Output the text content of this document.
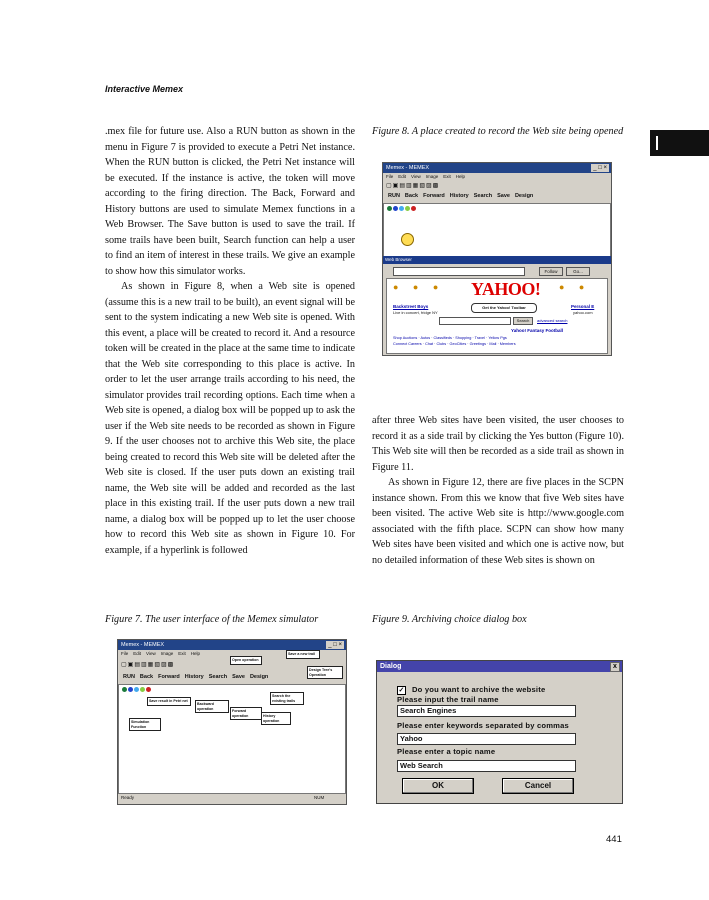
Interactive Memex

.mex file for future use. Also a RUN button as shown in the menu in Figure 7 is provided to execute a Petri Net instance. When the RUN button is clicked, the Petri Net instance will be executed. If the instance is active, the token will move according to the firing direction. The Back, Forward and History buttons are used to simulate Memex functions in a Web Browser. The Save button is used to save the trail. If some trails have been built, Search function can help a user to find an item of interest in these trails. We give an example to show how this simulator works.

As shown in Figure 8, when a Web site is opened (assume this is a new trail to be built), an event signal will be sent to the system indicating a new Web site is opened. With this event, a place will be created to record it. And a resource token will be created in the place at the same time to indicate that the Web site corresponding to this place is active. In order to let the user arrange trails according to his need, the simulator provides trail recording options. Each time when a Web site is opened, a dialog box will be popped up to ask the user if the Web site needs to be recorded as shown in Figure 9. If the user chooses not to archive this Web site, the place being created to record this Web site will be deleted after the Web site is closed. If the user puts down an existing trail name, the Web site will be added and recorded as the last place in this existing trail. If the user puts down a new trail name, a dialog box will be popped up to let the user choose how to record this Web site as shown in Figure 10. For example, if a hyperlink is followed

Figure 8. A place created to record the Web site being opened
Memex - MEMEX	_ □ ×
File Edit View Image Exit Help
▢▣▤▥▦▧▨▩
RUN Back Forward History Search Save Design
Web Browser
Follow	Go...
● ● ●	● ●
YAHOO!
Backstreet Boys
Live in concert, fridge NY
Get the Yahoo! Toolbar	Personal E
yahoo.com
Search	advanced search
Yahoo! Fantasy Football
Shop Auctions · Autos · Classifieds · Shopping · Travel · Yellow Pgs
Connect Careers · Chat · Clubs · GeoCities · Greetings · Mail · Members

after three Web sites have been visited, the user chooses to record it as a side trail by clicking the Yes button (Figure 10). This Web site will then be recorded as a side trail as shown in Figure 11.

As shown in Figure 12, there are five places in the SCPN instance shown. From this we know that five Web sites have been visited. The active Web site is http://www.google.com associated with the fifth place. SCPN can show how many Web sites have been visited and which one is active now, but no detailed information of these Web sites is shown on

Figure 7. The user interface of the Memex simulator
Memex - MEMEX	_ □ ×
File Edit View Image Exit Help
▢▣▤▥▦▧▨▩
RUN Back Forward History Search Save Design
Save a new trail
Open operation
Design Tree's Operation
Search the existing trails
Save result in Petri net
Backward operation
Forward operation	History operation
Simulation Function
Ready	NUM
Figure 9. Archiving choice dialog box
Dialog	x
✓ Do you want to archive the website
Please input the trail name
Search Engines
Please enter keywords separated by commas
Yahoo
Please enter a topic name
Web Search
OK	Cancel
441
